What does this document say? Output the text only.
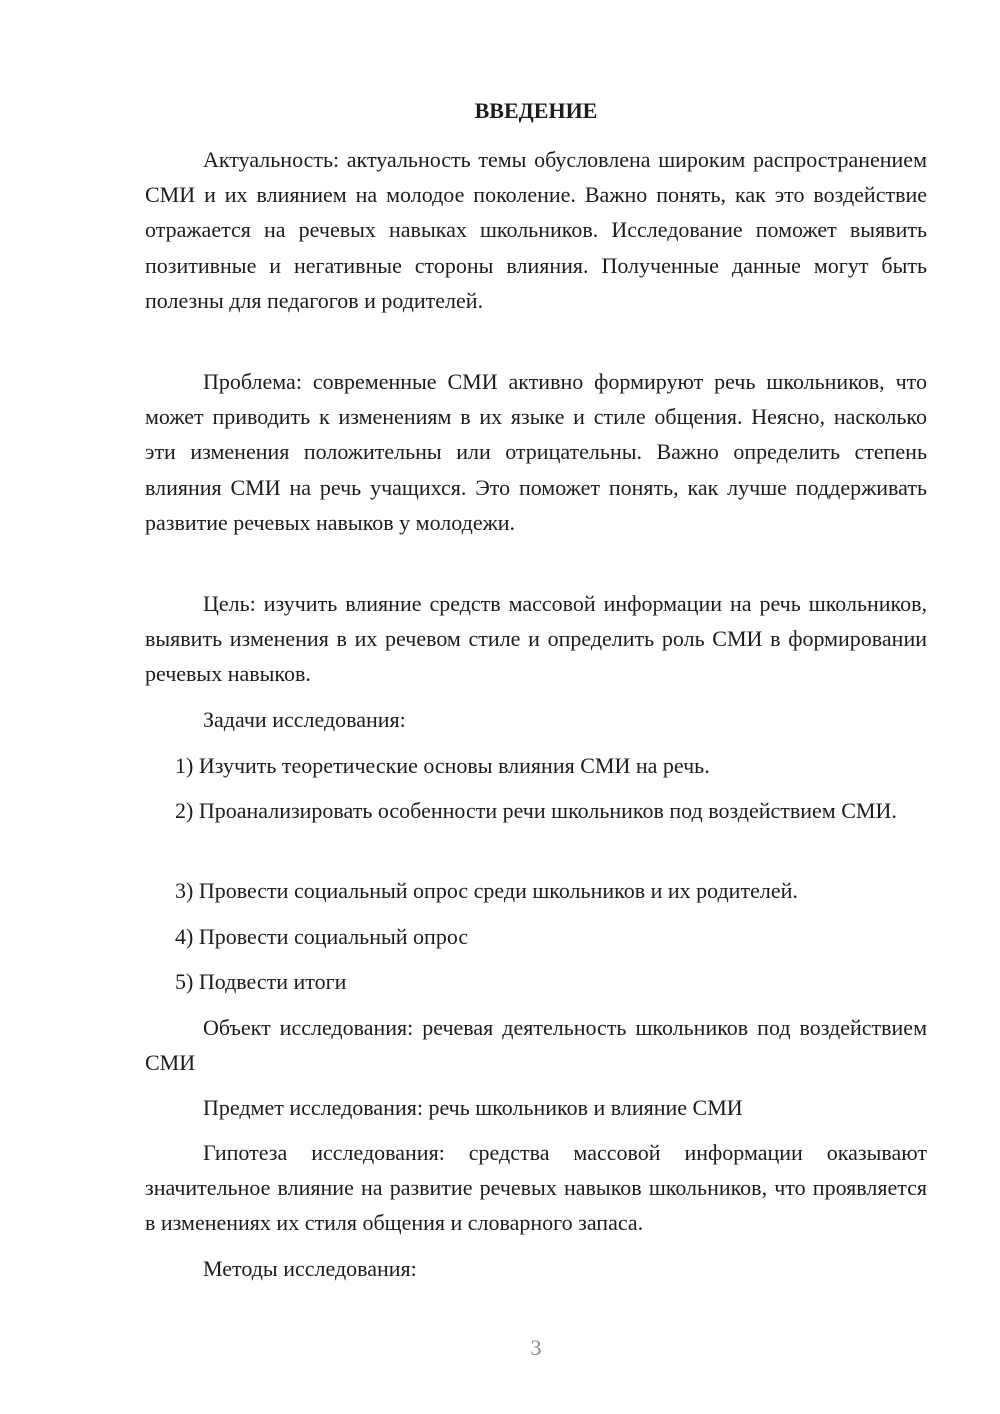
ВВЕДЕНИЕ

Актуальность: актуальность темы обусловлена широким распространением СМИ и их влиянием на молодое поколение. Важно понять, как это воздействие отражается на речевых навыках школьников. Исследование поможет выявить позитивные и негативные стороны влияния. Полученные данные могут быть полезны для педагогов и родителей.

Проблема: современные СМИ активно формируют речь школьников, что может приводить к изменениям в их языке и стиле общения. Неясно, насколько эти изменения положительны или отрицательны. Важно определить степень влияния СМИ на речь учащихся. Это поможет понять, как лучше поддерживать развитие речевых навыков у молодежи.

Цель: изучить влияние средств массовой информации на речь школьников, выявить изменения в их речевом стиле и определить роль СМИ в формировании речевых навыков.

Задачи исследования:

1) Изучить теоретические основы влияния СМИ на речь.

2) Проанализировать особенности речи школьников под воздействием СМИ.

3) Провести социальный опрос среди школьников и их родителей.

4) Провести социальный опрос

5) Подвести итоги

Объект исследования: речевая деятельность школьников под воздействием СМИ

Предмет исследования: речь школьников и влияние СМИ

Гипотеза исследования: средства массовой информации оказывают значительное влияние на развитие речевых навыков школьников, что проявляется в изменениях их стиля общения и словарного запаса.

Методы исследования:

3
